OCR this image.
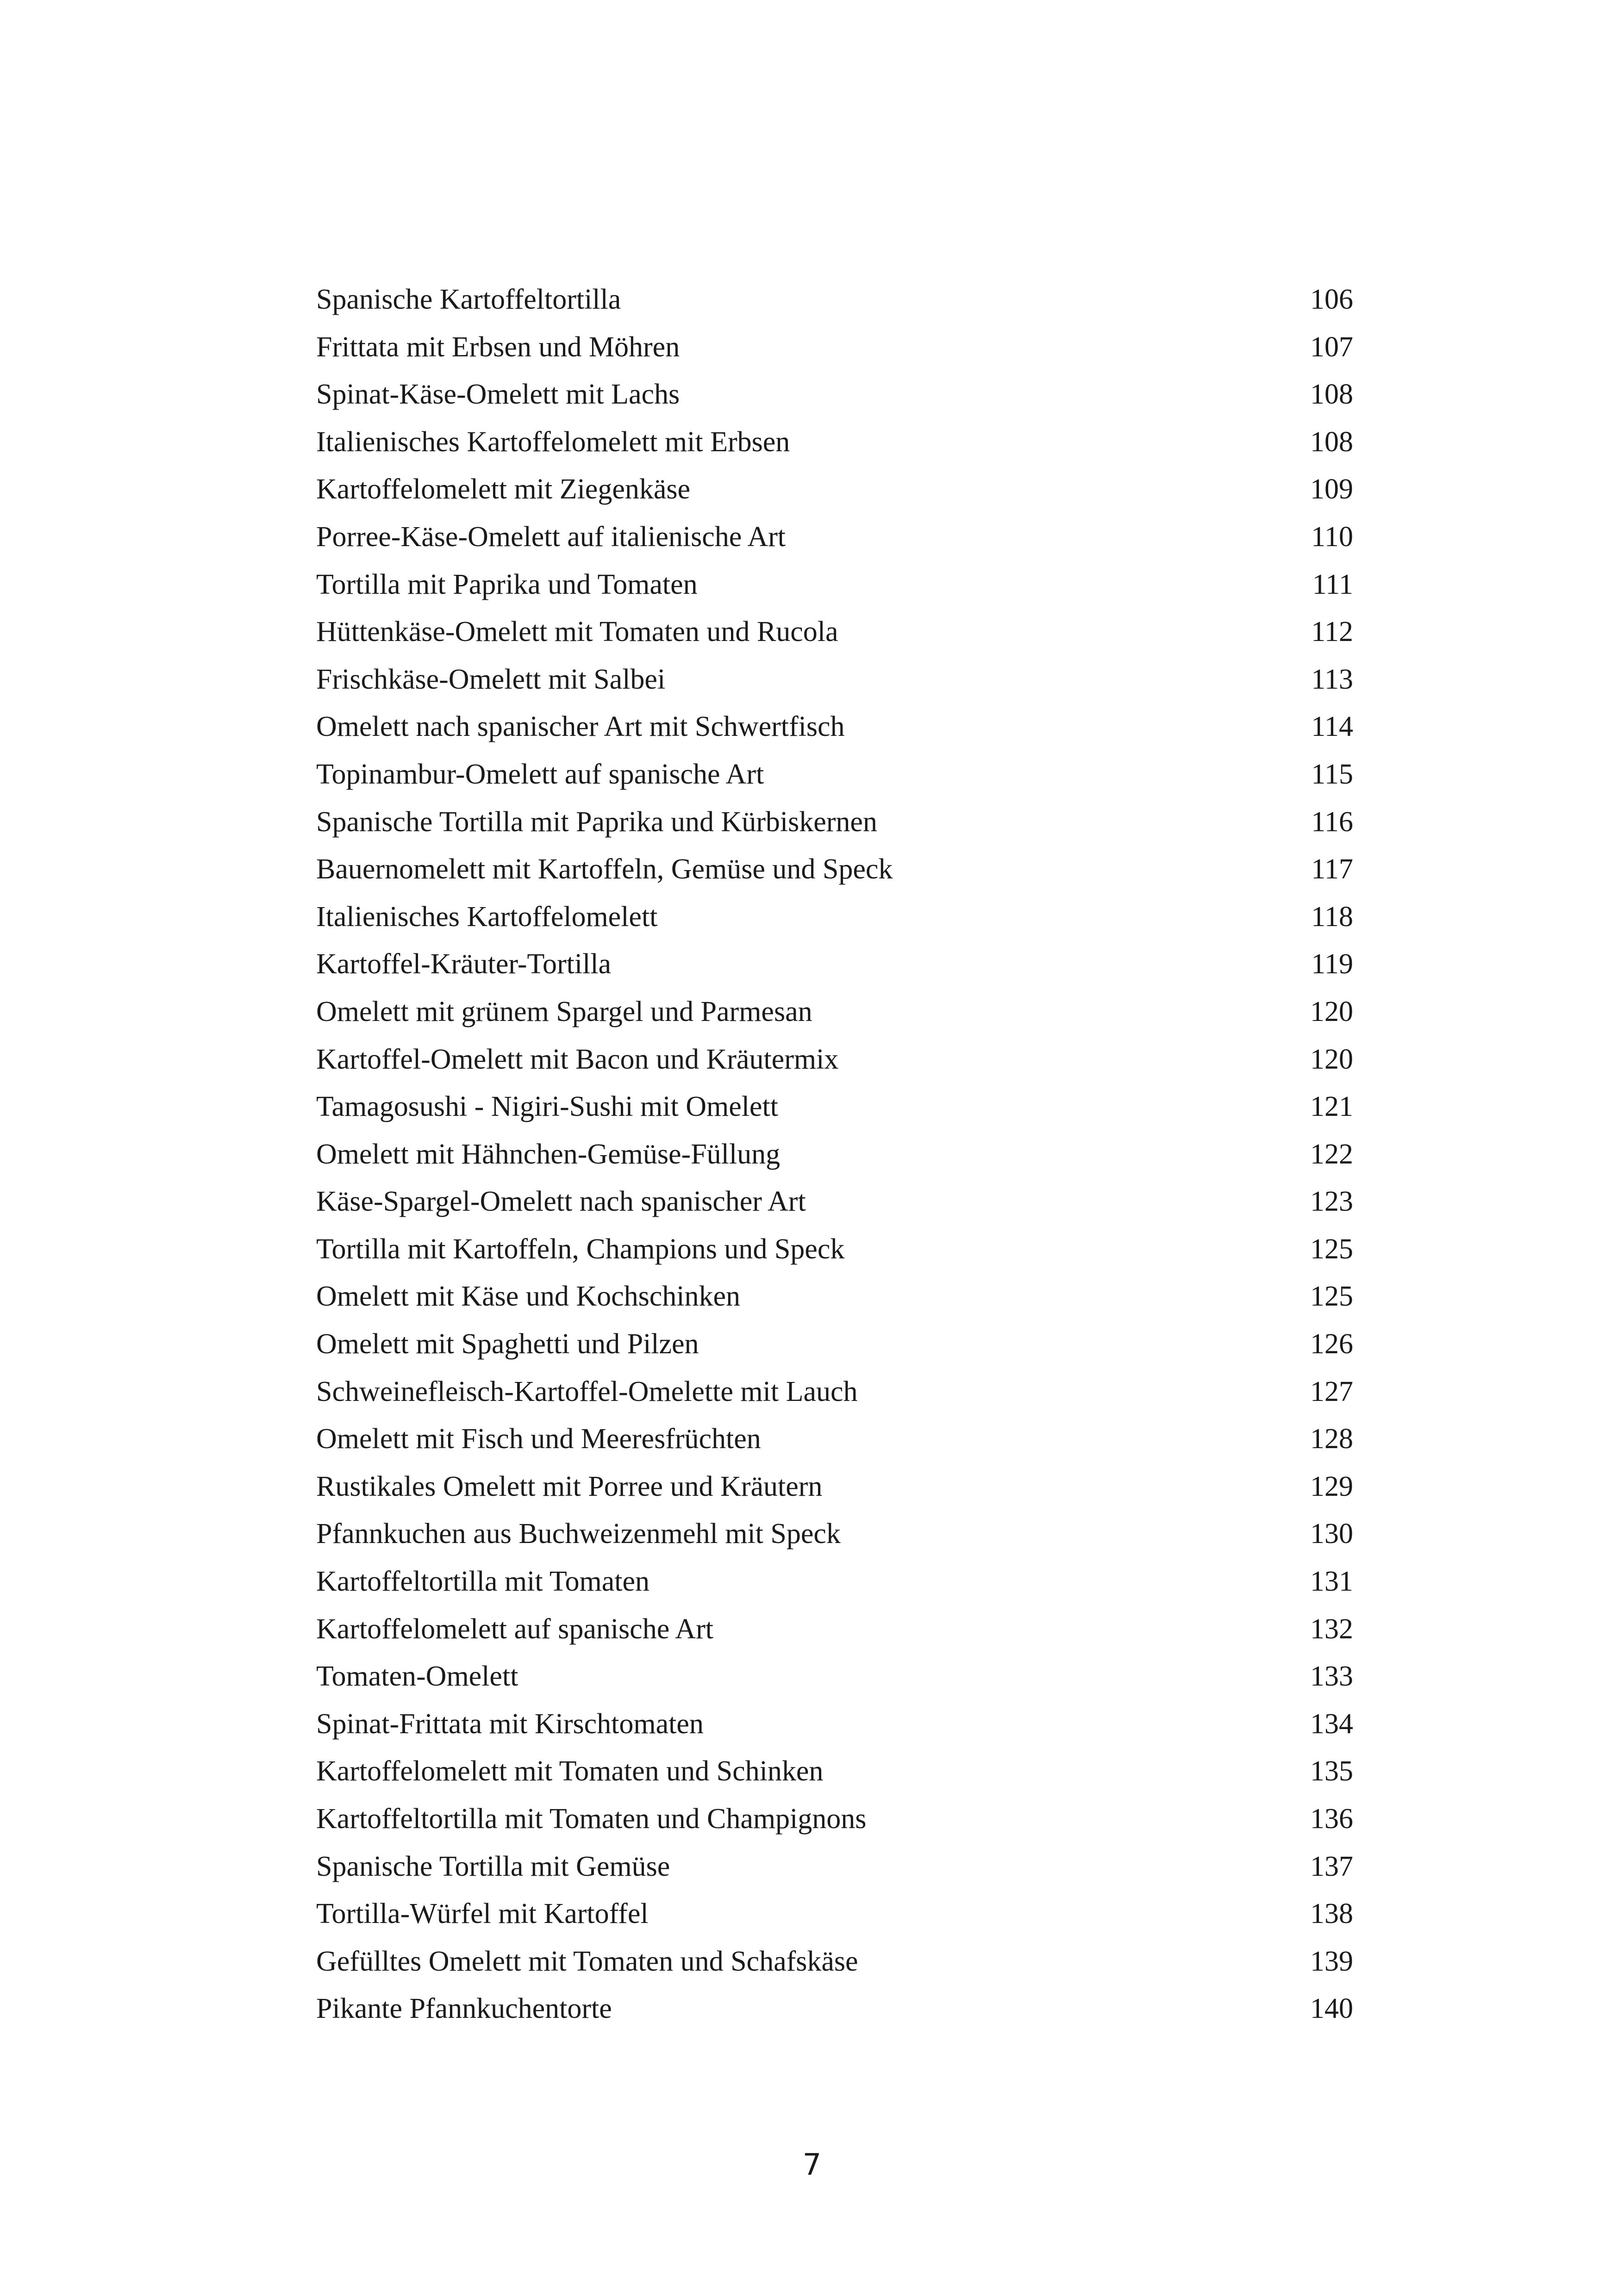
Spanische Kartoffeltortilla	106
Frittata mit Erbsen und Möhren	107
Spinat-Käse-Omelett mit Lachs	108
Italienisches Kartoffelomelett mit Erbsen	108
Kartoffelomelett mit Ziegenkäse	109
Porree-Käse-Omelett auf italienische Art	110
Tortilla mit Paprika und Tomaten	111
Hüttenkäse-Omelett mit Tomaten und Rucola	112
Frischkäse-Omelett mit Salbei	113
Omelett nach spanischer Art mit Schwertfisch	114
Topinambur-Omelett auf spanische Art	115
Spanische Tortilla mit Paprika und Kürbiskernen	116
Bauernomelett mit Kartoffeln, Gemüse und Speck	117
Italienisches Kartoffelomelett	118
Kartoffel-Kräuter-Tortilla	119
Omelett mit grünem Spargel und Parmesan	120
Kartoffel-Omelett mit Bacon und Kräutermix	120
Tamagosushi - Nigiri-Sushi mit Omelett	121
Omelett mit Hähnchen-Gemüse-Füllung	122
Käse-Spargel-Omelett nach spanischer Art	123
Tortilla mit Kartoffeln, Champions und Speck	125
Omelett mit Käse und Kochschinken	125
Omelett mit Spaghetti und Pilzen	126
Schweinefleisch-Kartoffel-Omelette mit Lauch	127
Omelett mit Fisch und Meeresfrüchten	128
Rustikales Omelett mit Porree und Kräutern	129
Pfannkuchen aus Buchweizenmehl mit Speck	130
Kartoffeltortilla mit Tomaten	131
Kartoffelomelett auf spanische Art	132
Tomaten-Omelett	133
Spinat-Frittata mit Kirschtomaten	134
Kartoffelomelett mit Tomaten und Schinken	135
Kartoffeltortilla mit Tomaten und Champignons	136
Spanische Tortilla mit Gemüse	137
Tortilla-Würfel mit Kartoffel	138
Gefülltes Omelett mit Tomaten und Schafskäse	139
Pikante Pfannkuchentorte	140
7
